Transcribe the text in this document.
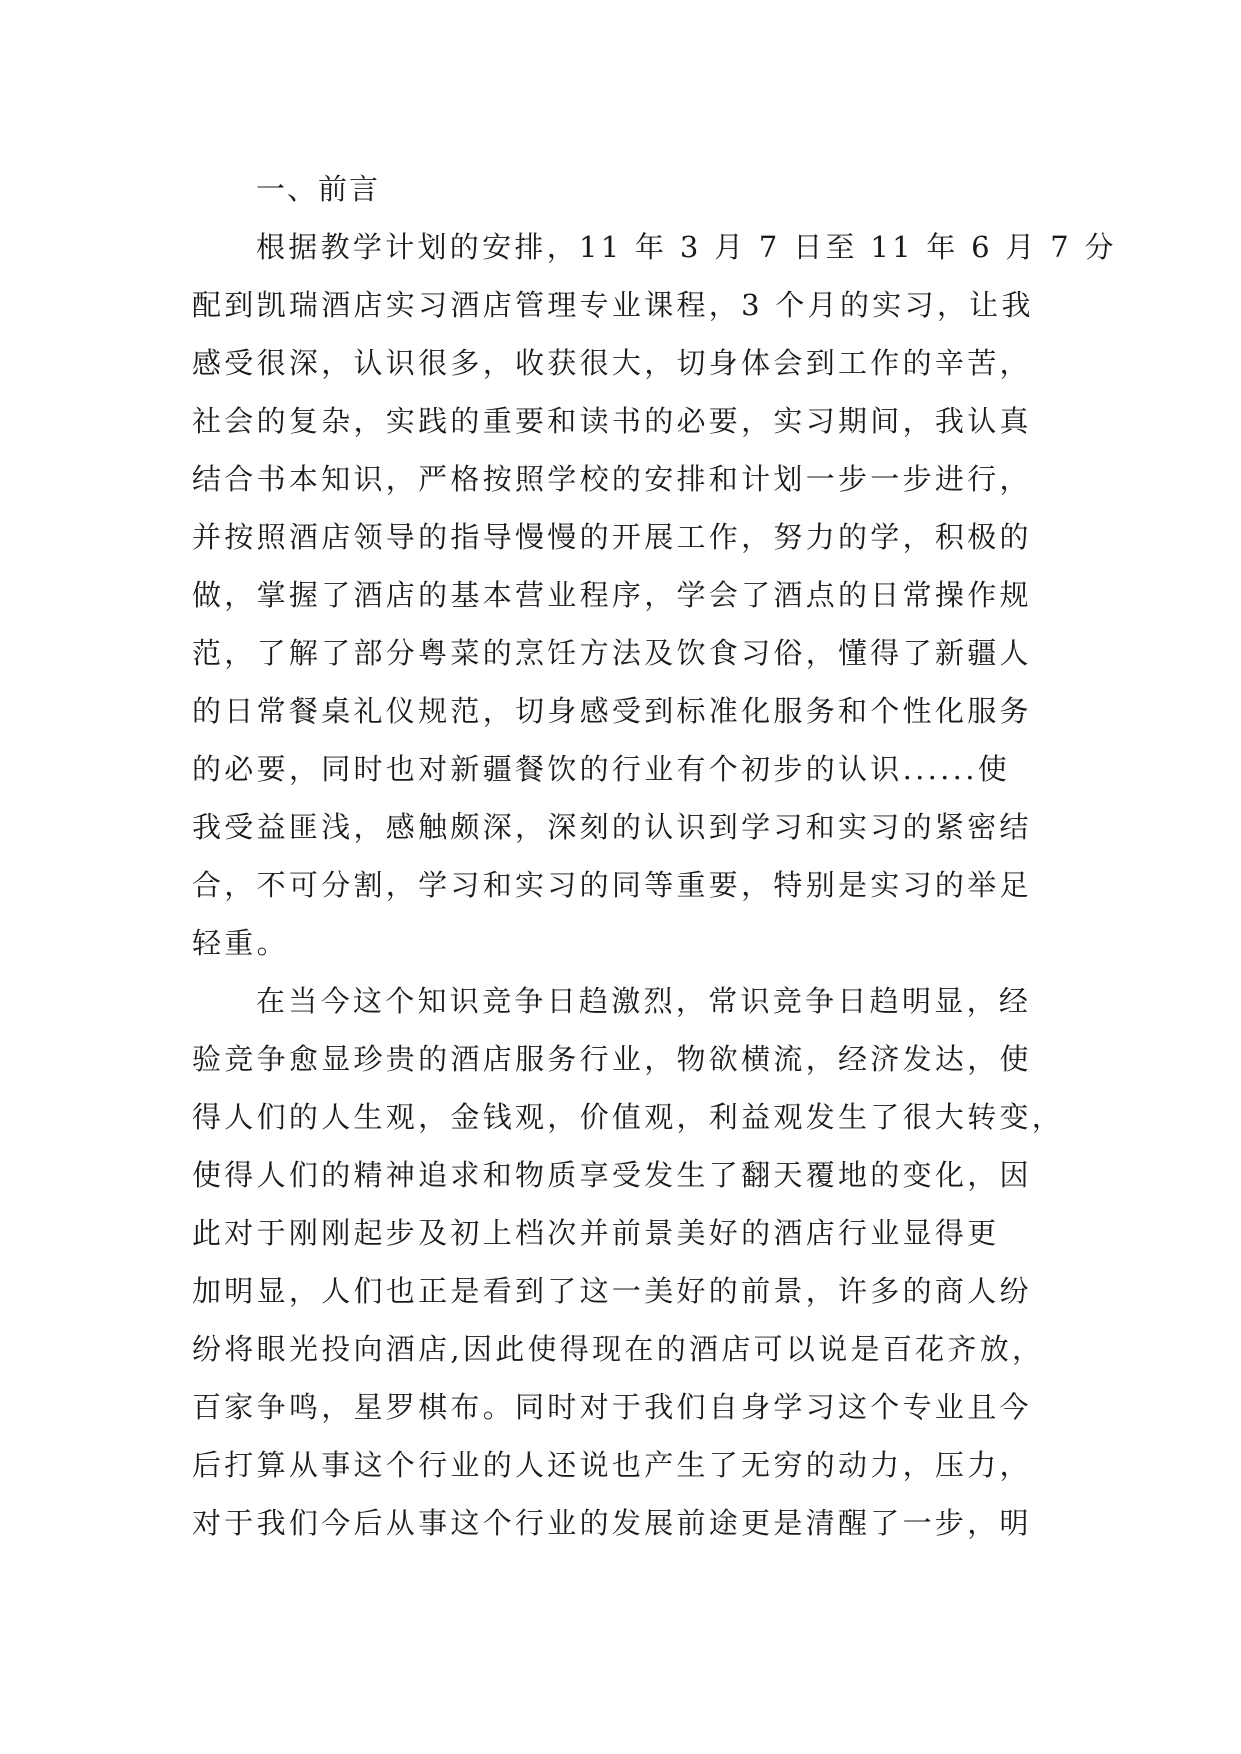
一、前言
根据教学计划的安排，11 年 3 月 7 日至 11 年 6 月 7 分
配到凯瑞酒店实习酒店管理专业课程，3 个月的实习，让我
感受很深，认识很多，收获很大，切身体会到工作的辛苦，
社会的复杂，实践的重要和读书的必要，实习期间，我认真
结合书本知识，严格按照学校的安排和计划一步一步进行，
并按照酒店领导的指导慢慢的开展工作，努力的学，积极的
做，掌握了酒店的基本营业程序，学会了酒点的日常操作规
范，了解了部分粤菜的烹饪方法及饮食习俗，懂得了新疆人
的日常餐桌礼仪规范，切身感受到标准化服务和个性化服务
的必要，同时也对新疆餐饮的行业有个初步的认识......使
我受益匪浅，感触颇深，深刻的认识到学习和实习的紧密结
合，不可分割，学习和实习的同等重要，特别是实习的举足
轻重。
在当今这个知识竞争日趋激烈，常识竞争日趋明显，经
验竞争愈显珍贵的酒店服务行业，物欲横流，经济发达，使
得人们的人生观，金钱观，价值观，利益观发生了很大转变，
使得人们的精神追求和物质享受发生了翻天覆地的变化，因
此对于刚刚起步及初上档次并前景美好的酒店行业显得更
加明显，人们也正是看到了这一美好的前景，许多的商人纷
纷将眼光投向酒店,因此使得现在的酒店可以说是百花齐放，
百家争鸣，星罗棋布。同时对于我们自身学习这个专业且今
后打算从事这个行业的人还说也产生了无穷的动力，压力，
对于我们今后从事这个行业的发展前途更是清醒了一步，明
